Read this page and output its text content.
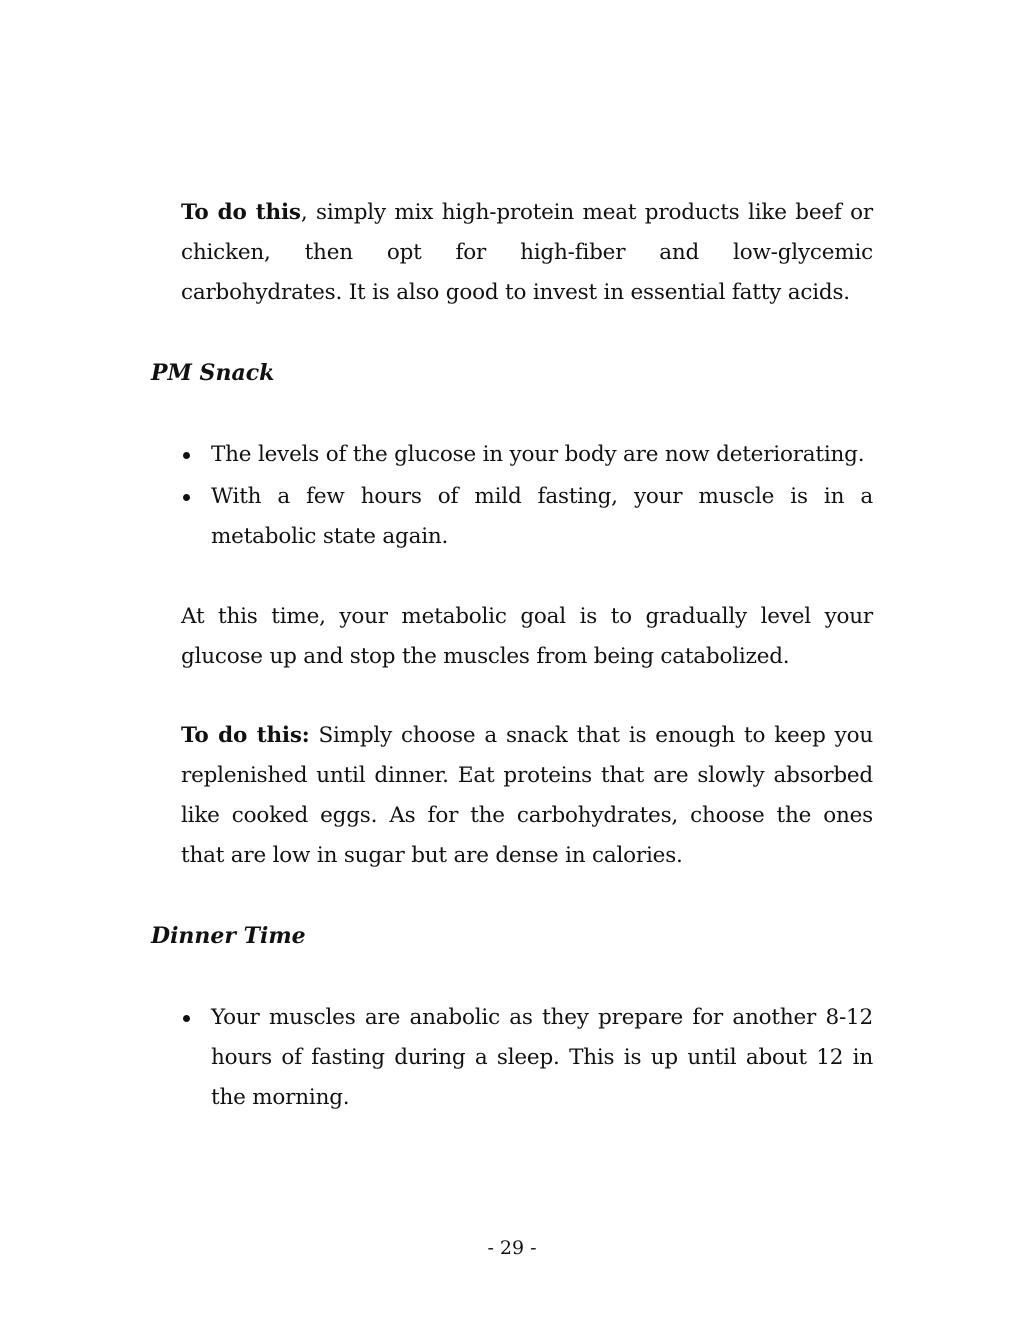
To do this, simply mix high-protein meat products like beef or chicken, then opt for high-fiber and low-glycemic carbohydrates. It is also good to invest in essential fatty acids.

PM Snack
The levels of the glucose in your body are now deteriorating.
With a few hours of mild fasting, your muscle is in a metabolic state again.

At this time, your metabolic goal is to gradually level your glucose up and stop the muscles from being catabolized.

To do this: Simply choose a snack that is enough to keep you replenished until dinner. Eat proteins that are slowly absorbed like cooked eggs. As for the carbohydrates, choose the ones that are low in sugar but are dense in calories.

Dinner Time
Your muscles are anabolic as they prepare for another 8-12 hours of fasting during a sleep. This is up until about 12 in the morning.
- 29 -
